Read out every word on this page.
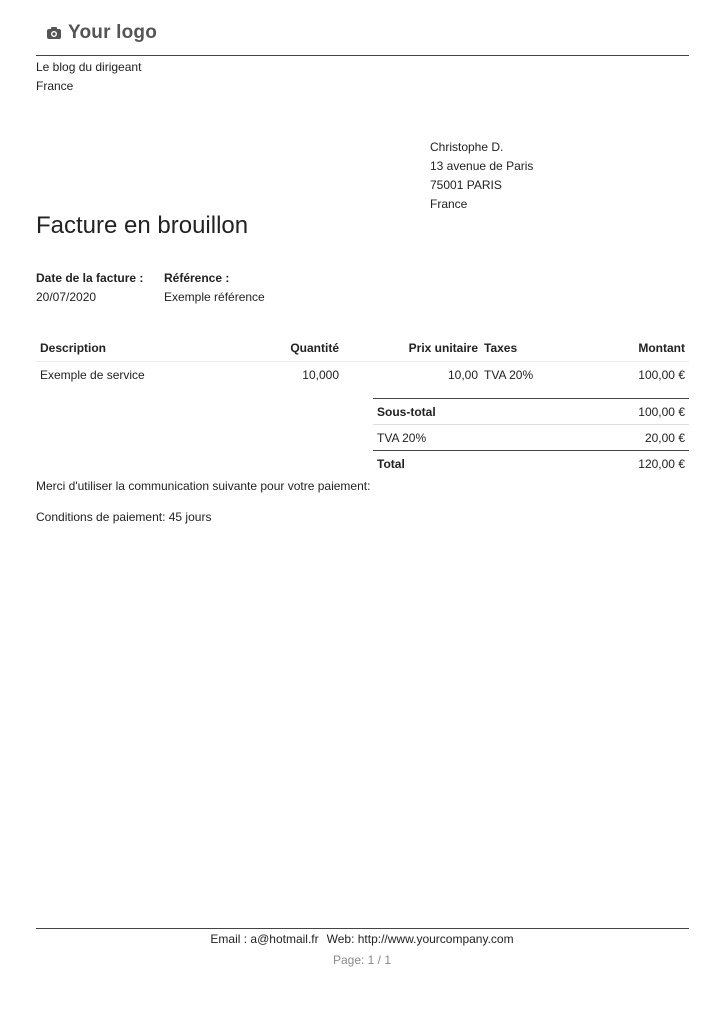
Your logo
Le blog du dirigeant
France
Christophe D.
13 avenue de Paris
75001 PARIS
France
Facture en brouillon
Date de la facture :
20/07/2020
Référence :
Exemple référence
Description	Quantité	Prix unitaire Taxes	Montant
Exemple de service	10,000	10,00 TVA 20%	100,00 €
Sous-total	100,00 €
TVA 20%	20,00 €
Total	120,00 €
Merci d'utiliser la communication suivante pour votre paiement:
Conditions de paiement: 45 jours
Email : a@hotmail.fr Web: http://www.yourcompany.com
Page: 1 / 1
